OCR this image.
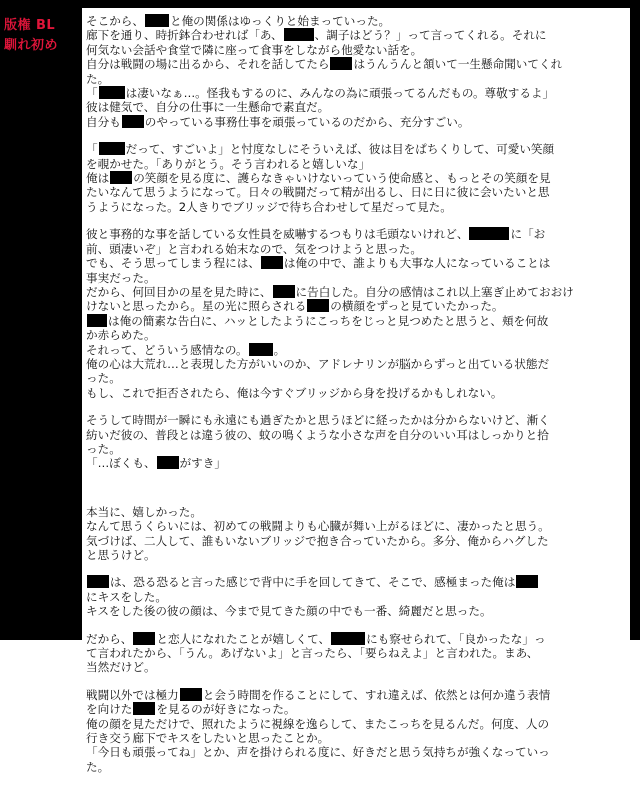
版権 BL
馴れ初め
そこから、 と俺の関係はゆっくりと始まっていった。
廊下を通り、時折鉢合わせれば「あ、	、調子はどう？」って言ってくれる。それに
何気ない会話や食堂で隣に座って食事をしながら他愛ない話を。
自分は戦闘の場に出るから、それを話してたら はうんうんと頷いて一生懸命聞いてくれ
た。
「 は凄いなぁ…。怪我もするのに、みんなの為に頑張ってるんだもの。尊敬するよ」
彼は健気で、自分の仕事に一生懸命で素直だ。
自分も のやっている事務仕事を頑張っているのだから、充分すごい。
「 だって、すごいよ」と忖度なしにそういえば、彼は目をぱちくりして、可愛い笑顔
を覗かせた。「ありがとう。そう言われると嬉しいな」
俺は の笑顔を見る度に、護らなきゃいけないっていう使命感と、もっとその笑顔を見
たいなんて思うようになって。日々の戦闘だって精が出るし、日に日に彼に会いたいと思
うようになった。2人きりでブリッジで待ち合わせして星だって見た。
彼と事務的な事を話している女性員を威嚇するつもりは毛頭ないけれど、	に「お
前、頭凄いぞ」と言われる始末なので、気をつけようと思った。
でも、そう思ってしまう程には、 は俺の中で、誰よりも大事な人になっていることは
事実だった。
だから、何回目かの星を見た時に、 に告白した。自分の感情はこれ以上塞ぎ止めておおけ
けないと思ったから。星の光に照らされる の横顔をずっと見ていたかった。
は俺の簡素な告白に、ハッとしたようにこっちをじっと見つめたと思うと、頬を何故
か赤らめた。
それって、どういう感情なの。 。
俺の心は大荒れ…と表現した方がいいのか、アドレナリンが脳からずっと出ている状態だ
った。
もし、これで拒否されたら、俺は今すぐブリッジから身を投げるかもしれない。
そうして時間が一瞬にも永遠にも過ぎたかと思うほどに経ったかは分からないけど、漸く
紡いだ彼の、普段とは違う彼の、蚊の鳴くような小さな声を自分のいい耳はしっかりと拾
った。
「…ぼくも、 がすき」
本当に、嬉しかった。
なんて思うくらいには、初めての戦闘よりも心臓が舞い上がるほどに、凄かったと思う。
気づけば、二人して、誰もいないブリッジで抱き合っていたから。多分、俺からハグした
と思うけど。
は、恐る恐ると言った感じで背中に手を回してきて、そこで、感極まった俺は
にキスをした。
キスをした後の彼の顔は、今まで見てきた顔の中でも一番、綺麗だと思った。
だから、 と恋人になれたことが嬉しくて、	にも察せられて、「良かったな」っ
て言われたから、「うん。あげないよ」と言ったら、「要らねえよ」と言われた。まあ、
当然だけど。
戦闘以外では極力 と会う時間を作ることにして、すれ違えば、依然とは何か違う表情
を向けた を見るのが好きになった。
俺の顔を見ただけで、照れたように視線を逸らして、またこっちを見るんだ。何度、人の
行き交う廊下でキスをしたいと思ったことか。
「今日も頑張ってね」とか、声を掛けられる度に、好きだと思う気持ちが強くなっていっ
た。
